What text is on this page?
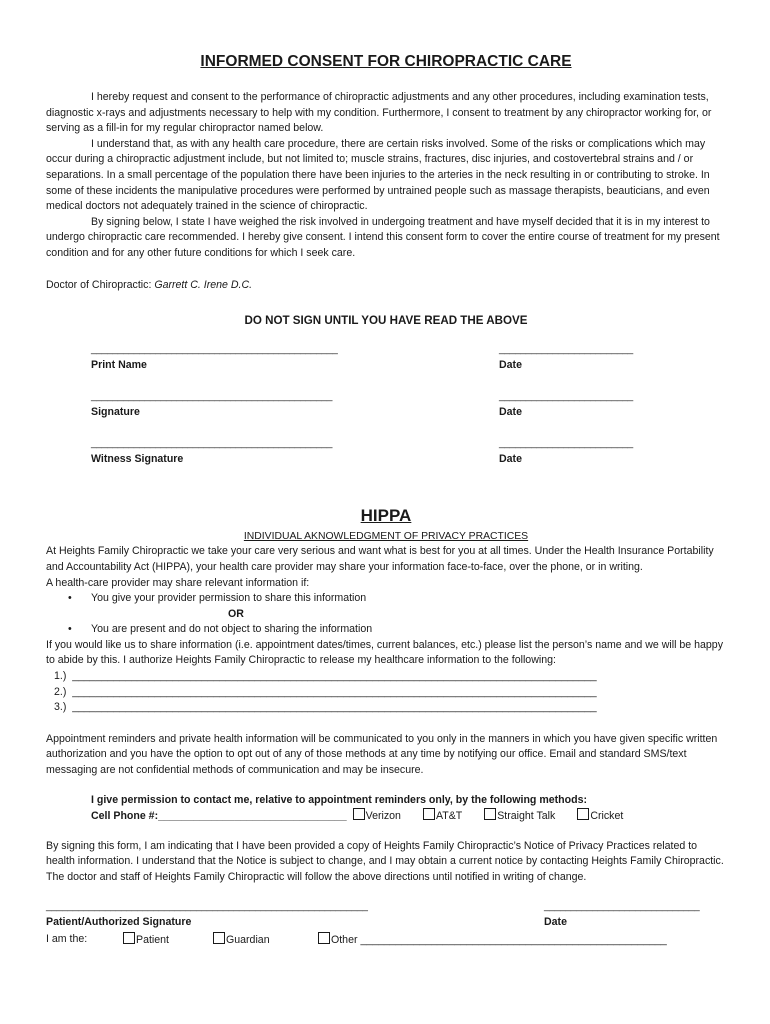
INFORMED CONSENT FOR CHIROPRACTIC CARE

I hereby request and consent to the performance of chiropractic adjustments and any other procedures, including examination tests, diagnostic x-rays and adjustments necessary to help with my condition. Furthermore, I consent to treatment by any chiropractor working for, or serving as a fill-in for my regular chiropractor named below.

I understand that, as with any health care procedure, there are certain risks involved. Some of the risks or complications which may occur during a chiropractic adjustment include, but not limited to; muscle strains, fractures, disc injuries, and costovertebral strains and / or separations. In a small percentage of the population there have been injuries to the arteries in the neck resulting in or contributing to stroke. In some of these incidents the manipulative procedures were performed by untrained people such as massage therapists, beauticians, and even medical doctors not adequately trained in the science of chiropractic.

By signing below, I state I have weighed the risk involved in undergoing treatment and have myself decided that it is in my interest to undergo chiropractic care recommended. I hereby give consent. I intend this consent form to cover the entire course of treatment for my present condition and for any other future conditions for which I seek care.

Doctor of Chiropractic: Garrett C. Irene D.C.

DO NOT SIGN UNTIL YOU HAVE READ THE ABOVE
______________________________________________
Print Name
_________________________
Date
_____________________________________________
Signature
_________________________
Date
_____________________________________________
Witness Signature
_________________________
Date
HIPPA
INDIVIDUAL AKNOWLEDGMENT OF PRIVACY PRACTICES

At Heights Family Chiropractic we take your care very serious and want what is best for you at all times. Under the Health Insurance Portability and Accountability Act (HIPPA), your health care provider may share your information face-to-face, over the phone, or in writing.

A health-care provider may share relevant information if:

• You give your provider permission to share this information
OR
• You are present and do not object to sharing the information

If you would like us to share information (i.e. appointment dates/times, current balances, etc.) please list the person’s name and we will be happy to abide by this. I authorize Heights Family Chiropractic to release my healthcare information to the following:

1.)  _________________________________________________________________________________________
2.)  _________________________________________________________________________________________
3.)  _________________________________________________________________________________________

Appointment reminders and private health information will be communicated to you only in the manners in which you have given specific written authorization and you have the option to opt out of any of those methods at any time by notifying our office. Email and standard SMS/text messaging are not confidential methods of communication and may be insecure.

I give permission to contact me, relative to appointment reminders only, by the following methods:
Cell Phone #:________________________________	Verizon	AT&T	Straight Talk	Cricket

By signing this form, I am indicating that I have been provided a copy of Heights Family Chiropractic’s Notice of Privacy Practices related to health information. I understand that the Notice is subject to change, and I may obtain a current notice by contacting Heights Family Chiropractic. The doctor and staff of Heights Family Chiropractic will follow the above directions until notified in writing of change.

____________________________________________________________
Patient/Authorized Signature
_____________________________
Date
I am the:	Patient	Guardian	Other ____________________________________________________
